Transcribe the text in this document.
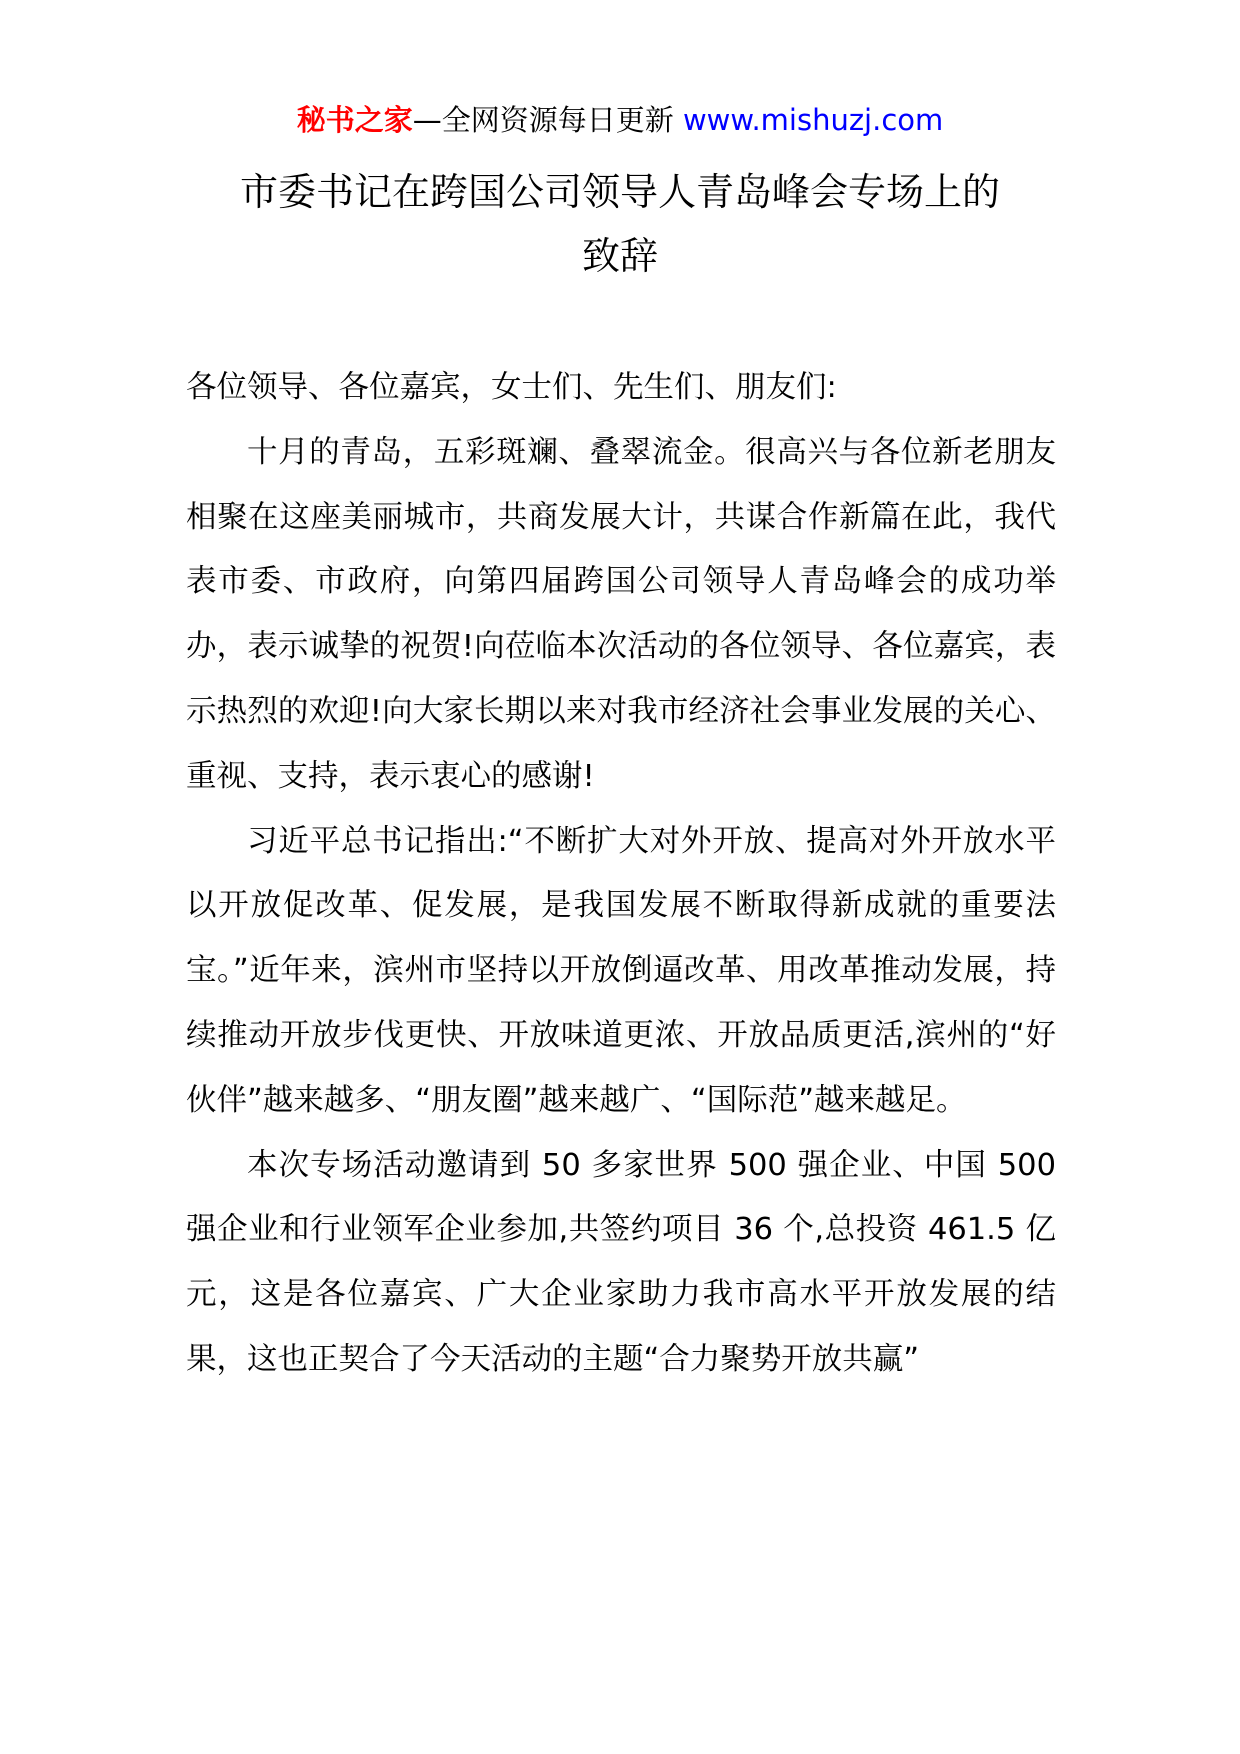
秘书之家—全网资源每日更新 www.mishuzj.com
市委书记在跨国公司领导人青岛峰会专场上的
致辞

各位领导、各位嘉宾，女士们、先生们、朋友们:

十月的青岛，五彩斑斓、叠翠流金。很高兴与各位新老朋友相聚在这座美丽城市，共商发展大计，共谋合作新篇在此，我代表市委、市政府，向第四届跨国公司领导人青岛峰会的成功举办，表示诚挚的祝贺!向莅临本次活动的各位领导、各位嘉宾，表示热烈的欢迎!向大家长期以来对我市经济社会事业发展的关心、重视、支持，表示衷心的感谢!

习近平总书记指出:“不断扩大对外开放、提高对外开放水平以开放促改革、促发展，是我国发展不断取得新成就的重要法宝。”近年来，滨州市坚持以开放倒逼改革、用改革推动发展，持续推动开放步伐更快、开放味道更浓、开放品质更活,滨州的“好伙伴”越来越多、“朋友圈”越来越广、“国际范”越来越足。

本次专场活动邀请到 50 多家世界 500 强企业、中国 500 强企业和行业领军企业参加,共签约项目 36 个,总投资 461.5 亿元，这是各位嘉宾、广大企业家助力我市高水平开放发展的结果，这也正契合了今天活动的主题“合力聚势开放共赢”
